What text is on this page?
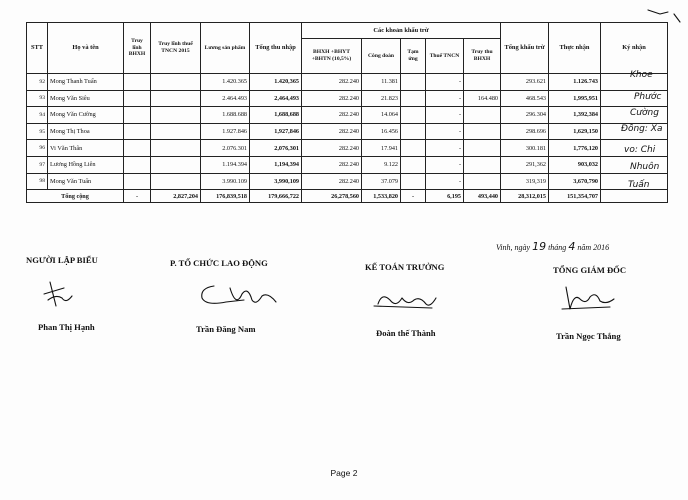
STT	Họ và tên	Truy lĩnh BHXH	Truy lĩnh thuế TNCN 2015	Lương sản phẩm	Tổng thu nhập	Các khoản khấu trừ					Tổng khấu trừ	Thực nhận	Ký nhận
						BHXH +BHYT +BHTN (10,5%)	Công đoàn	Tạm ứng	Thuế TNCN	Truy thu BHXH			
92	Mong Thanh Tuấn			1.420.365	1.420,365	282.240	11.381		-		293.621	1.126.743	
93	Mong Văn Siêu			2.464.493	2,464,493	282.240	21.823		-	164.480	468.543	1,995,951	
94	Mong Văn Cường			1.688.688	1,688,688	282.240	14.064		-		296.304	1,392,384	
95	Mong Thị Thoa			1.927.846	1,927,846	282.240	16.456		-		298.696	1,629,150	
96	Vi Văn Thân			2.076.301	2,076,301	282.240	17.941		-		300.181	1,776,120	
97	Lương Hồng Liên			1.194.394	1,194,394	282.240	9.122		-		291,362	903,032	
98	Mong Văn Tuấn			3.990.109	3,990,109	282.240	37.079		-		319,319	3,670,790	
Tổng cộng		-	2,827,204	176,839,518	179,666,722	26,278,560	1,533,820	-	6,195	493,440	28,312,015	151,354,707	
Khoe
Phước
Cường
Đồng: Xa
vo: Chi
Nhuôn
Tuấn
Vinh, ngày 19 tháng 4 năm 2016
NGƯỜI LẬP BIỂU	P. TỔ CHỨC LAO ĐỘNG	KẾ TOÁN TRƯỞNG	TỔNG GIÁM ĐỐC
Phan Thị Hạnh	Trần Đăng Nam	Đoàn thế Thành	Trần Ngọc Thắng
Page 2
